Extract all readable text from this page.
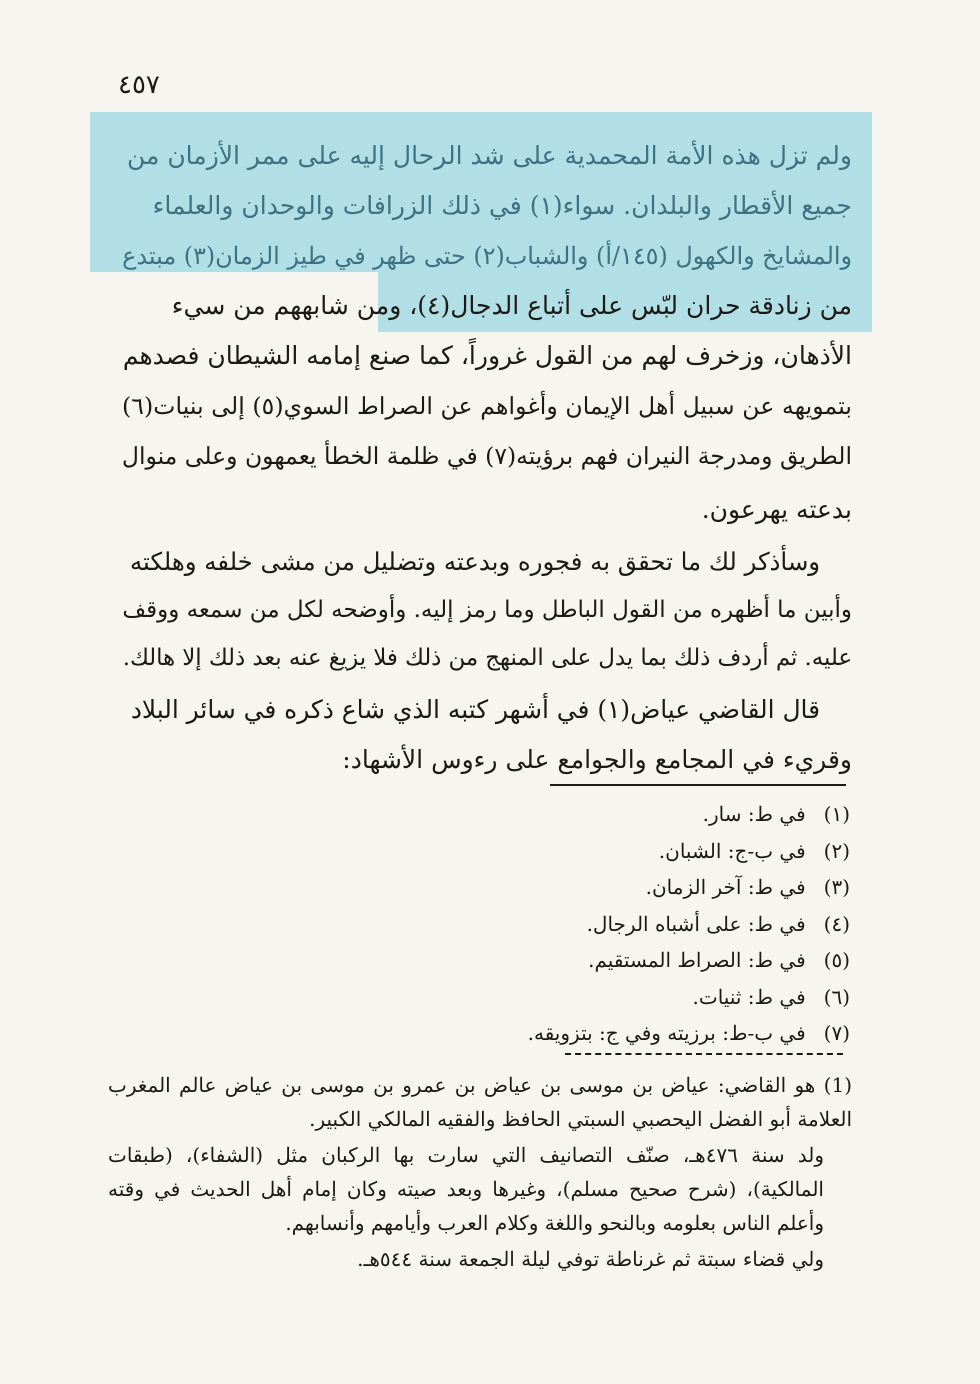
٤٥٧
ولم تزل هذه الأمة المحمدية على شد الرحال إليه على ممر الأزمان من
جميع الأقطار والبلدان. سواء(١) في ذلك الزرافات والوحدان والعلماء
والمشايخ والكهول (١٤٥/أ) والشباب(٢) حتى ظهر في طيز الزمان(٣) مبتدع
من زنادقة حران لبّس على أتباع الدجال(٤)، ومن شابههم من سيء
الأذهان، وزخرف لهم من القول غروراً، كما صنع إمامه الشيطان فصدهم
بتمويهه عن سبيل أهل الإيمان وأغواهم عن الصراط السوي(٥) إلى بنيات(٦)
الطريق ومدرجة النيران فهم برؤيته(٧) في ظلمة الخطأ يعمهون وعلى منوال
بدعته يهرعون.
وسأذكر لك ما تحقق به فجوره وبدعته وتضليل من مشى خلفه وهلكته
وأبين ما أظهره من القول الباطل وما رمز إليه. وأوضحه لكل من سمعه ووقف
عليه. ثم أردف ذلك بما يدل على المنهج من ذلك فلا يزيغ عنه بعد ذلك إلا هالك.
قال القاضي عياض(١) في أشهر كتبه الذي شاع ذكره في سائر البلاد
وقريء في المجامع والجوامع على رءوس الأشهاد:
(١) في ط: سار.
(٢) في ب-ج: الشبان.
(٣) في ط: آخر الزمان.
(٤) في ط: على أشباه الرجال.
(٥) في ط: الصراط المستقيم.
(٦) في ط: ثنيات.
(٧) في ب-ط: برزيته وفي ج: بتزويقه.

(1) هو القاضي: عياض بن موسى بن عياض بن عمرو بن موسى بن عياض عالم المغرب العلامة أبو الفضل اليحصبي السبتي الحافظ والفقيه المالكي الكبير.

ولد سنة ٤٧٦هـ، صنّف التصانيف التي سارت بها الركبان مثل (الشفاء)، (طبقات المالكية)، (شرح صحيح مسلم)، وغيرها وبعد صيته وكان إمام أهل الحديث في وقته وأعلم الناس بعلومه وبالنحو واللغة وكلام العرب وأيامهم وأنسابهم.

ولي قضاء سبتة ثم غرناطة توفي ليلة الجمعة سنة ٥٤٤هـ.
